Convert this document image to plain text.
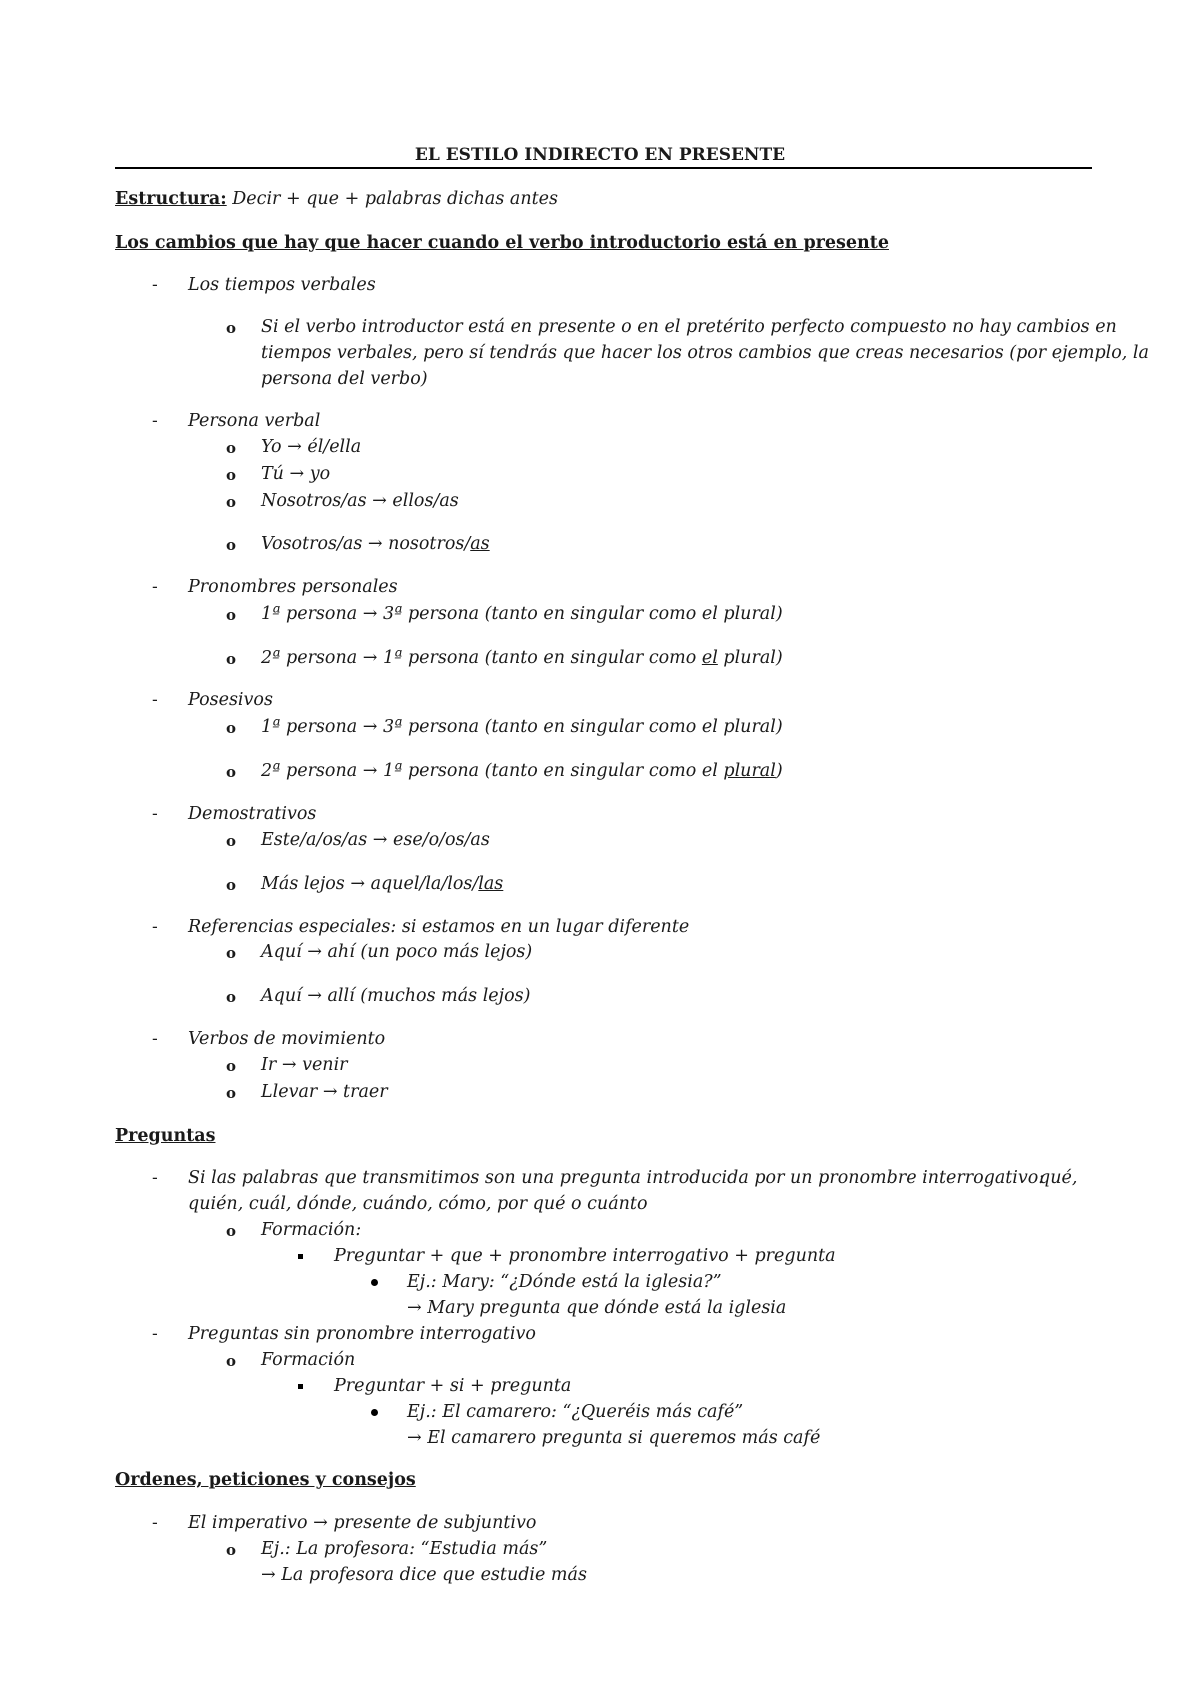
EL ESTILO INDIRECTO EN PRESENTE
Estructura: Decir + que + palabras dichas antes
Los cambios que hay que hacer cuando el verbo introductorio está en presente
- Los tiempos verbales
o Si el verbo introductor está en presente o en el pretérito perfecto compuesto no hay cambios en
tiempos verbales, pero sí tendrás que hacer los otros cambios que creas necesarios (por ejemplo, la
persona del verbo)
- Persona verbal
o Yo → él/ella
o Tú → yo
o Nosotros/as → ellos/as
o Vosotros/as → nosotros/as
- Pronombres personales
o 1ª persona → 3ª persona (tanto en singular como el plural)
o 2ª persona → 1ª persona (tanto en singular como el plural)
- Posesivos
o 1ª persona → 3ª persona (tanto en singular como el plural)
o 2ª persona → 1ª persona (tanto en singular como el plural)
- Demostrativos
o Este/a/os/as → ese/o/os/as
o Más lejos → aquel/la/los/las
- Referencias especiales: si estamos en un lugar diferente
o Aquí → ahí (un poco más lejos)
o Aquí → allí (muchos más lejos)
- Verbos de movimiento
o Ir → venir
o Llevar → traer
Preguntas
- Si las palabras que transmitimos son una pregunta introducida por un pronombre interrogativo:
qué,
quién, cuál, dónde, cuándo, cómo, por qué o cuánto
o Formación:
Preguntar + que + pronombre interrogativo + pregunta
Ej.: Mary: “¿Dónde está la iglesia?”
→ Mary pregunta que dónde está la iglesia
- Preguntas sin pronombre interrogativo
o Formación
Preguntar + si + pregunta
Ej.: El camarero: “¿Queréis más café”
→ El camarero pregunta si queremos más café
Ordenes, peticiones y consejos
- El imperativo → presente de subjuntivo
o Ej.: La profesora: “Estudia más”
→ La profesora dice que estudie más
